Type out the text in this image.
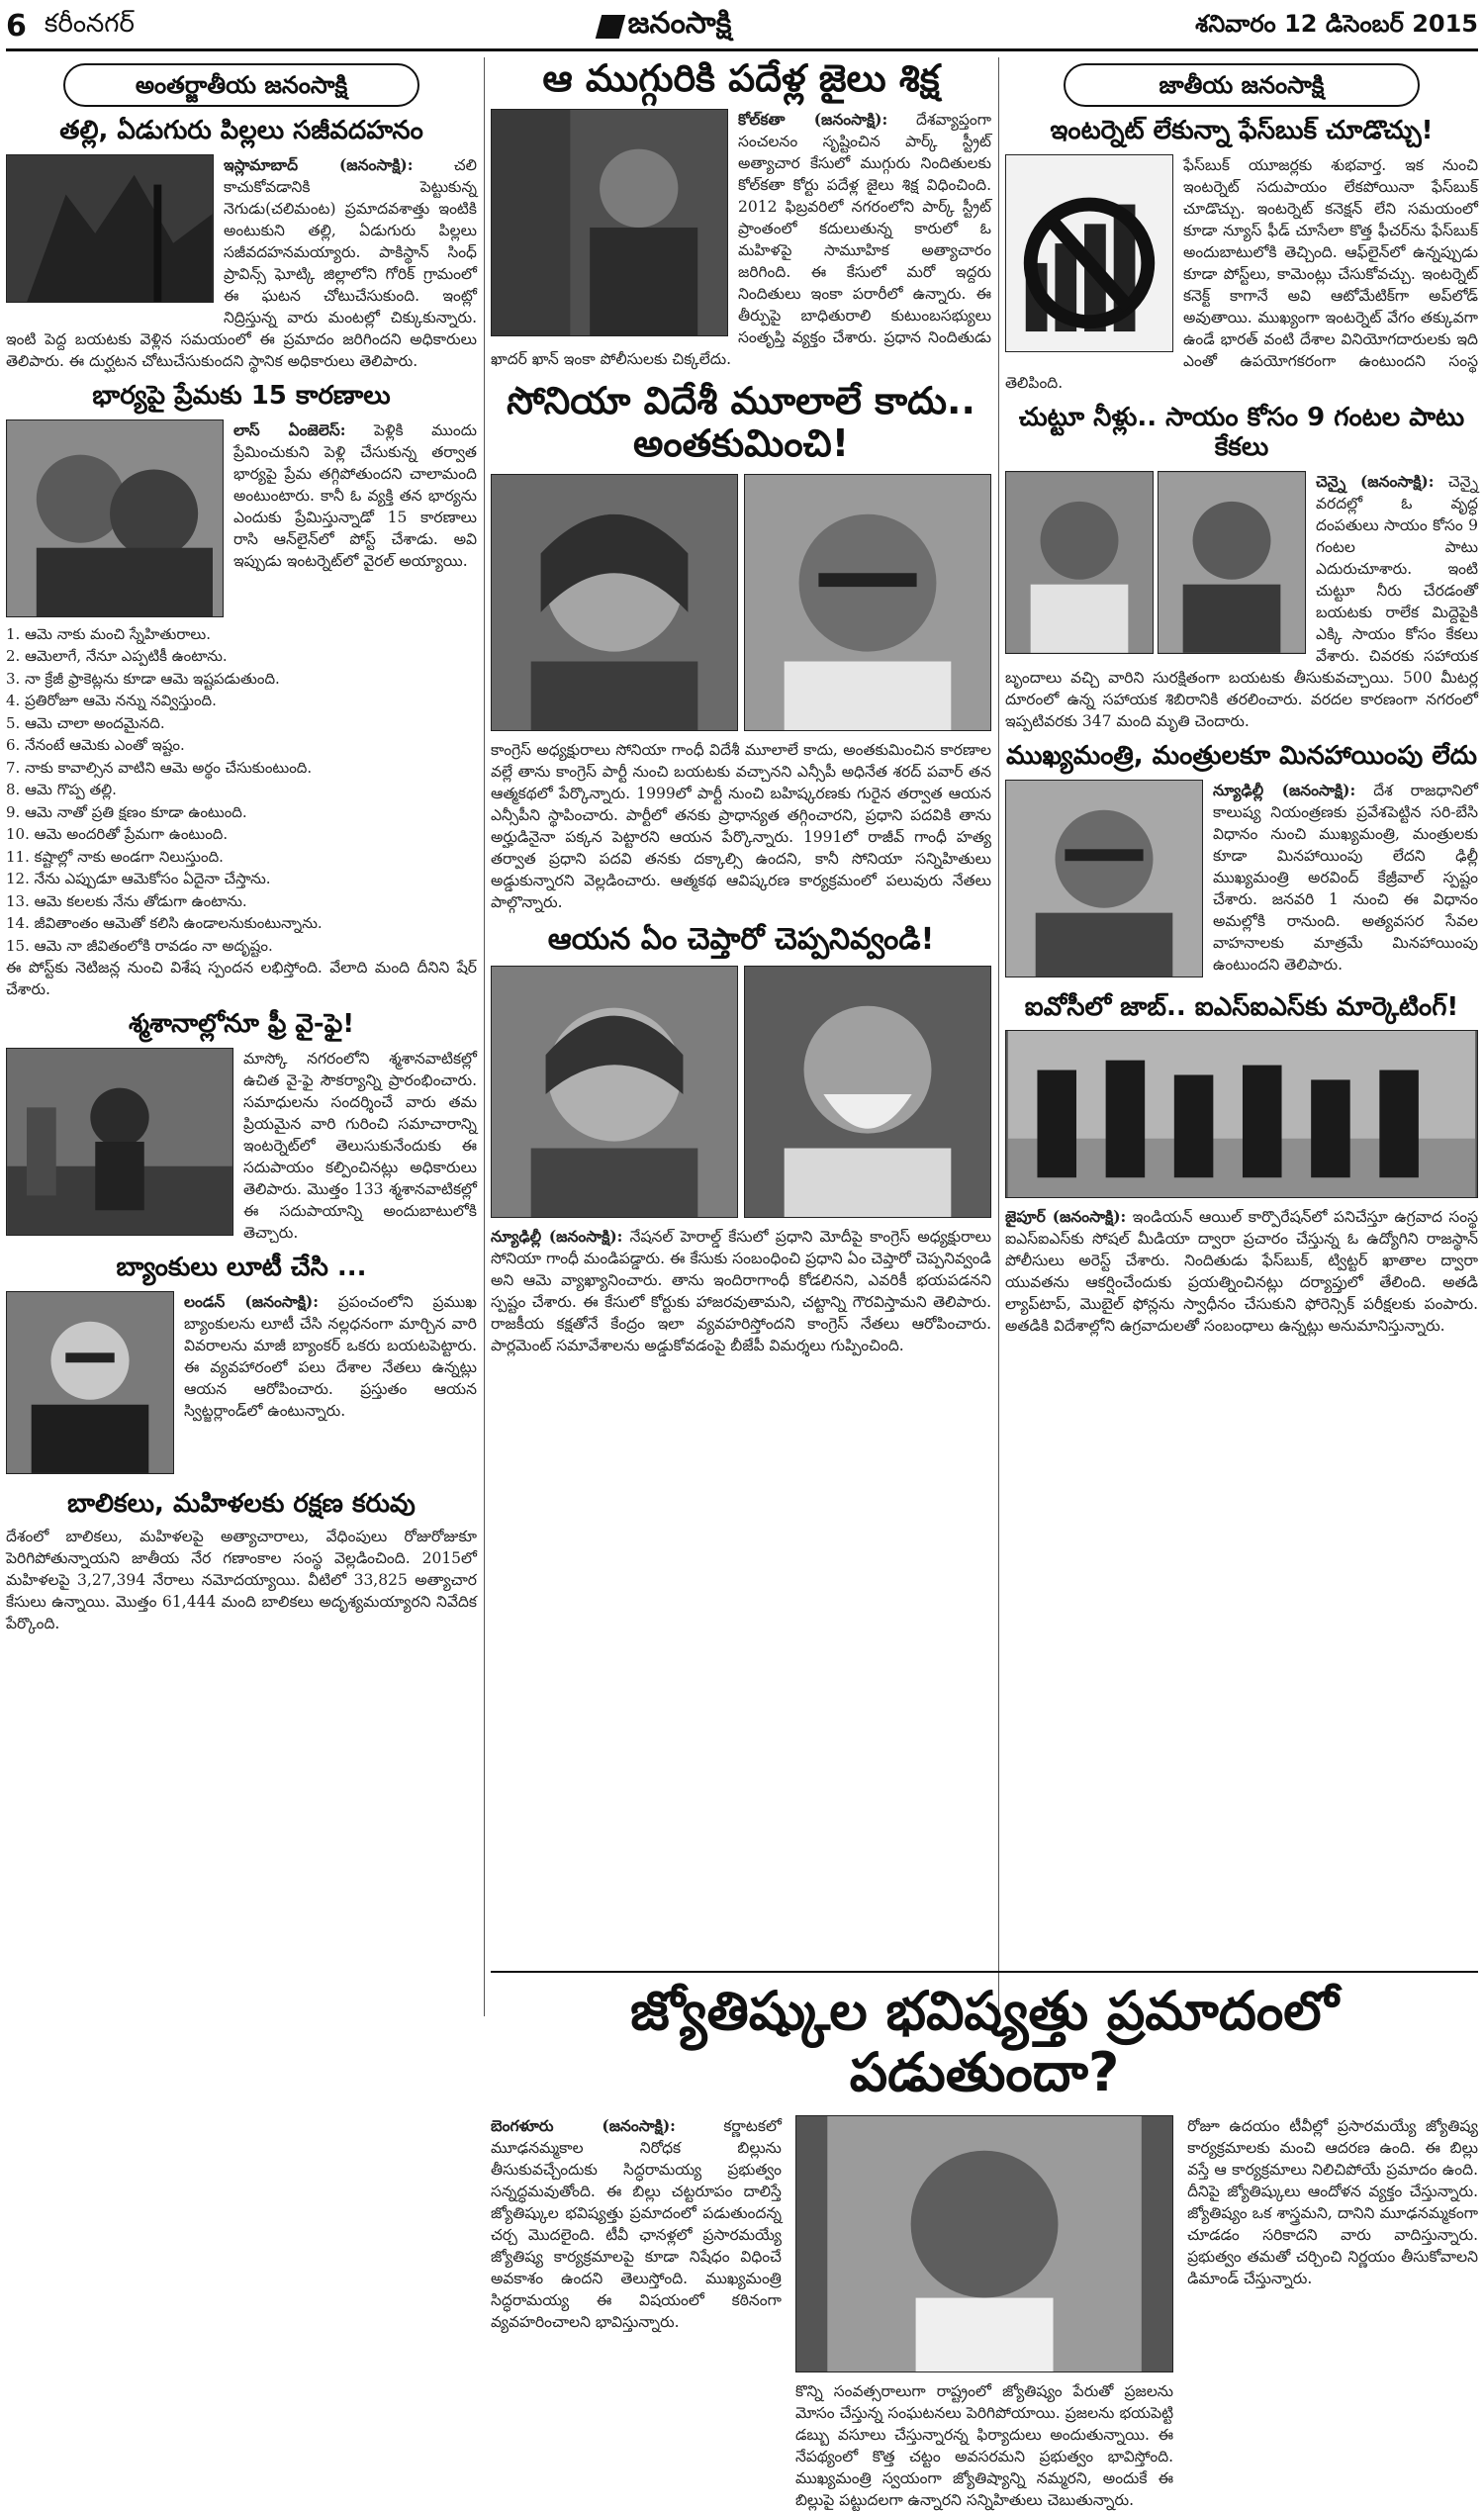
6 కరీంనగర్	జనంసాక్షి	శనివారం 12 డిసెంబర్ 2015
అంతర్జాతీయ జనంసాక్షి
తల్లి, ఏడుగురు పిల్లలు సజీవదహనం

ఇస్లామాబాద్ (జనంసాక్షి):	చలి కాచుకోవడానికి పెట్టుకున్న నెగుడు(చలిమంట) ప్రమాదవశాత్తు ఇంటికి అంటుకుని తల్లి, ఏడుగురు పిల్లలు సజీవదహనమయ్యారు. పాకిస్థాన్ సింధ్ ప్రావిన్స్ ఘోట్కి జిల్లాలోని గోరిక్ గ్రామంలో ఈ ఘటన చోటుచేసుకుంది. ఇంట్లో నిద్రిస్తున్న వారు మంటల్లో చిక్కుకున్నారు. ఇంటి పెద్ద బయటకు వెళ్లిన సమయంలో ఈ ప్రమాదం జరిగిందని అధికారులు తెలిపారు. ఈ దుర్ఘటన చోటుచేసుకుందని స్థానిక అధికారులు తెలిపారు.

భార్యపై ప్రేమకు 15 కారణాలు

లాస్ ఏంజెలెస్: పెళ్లికి ముందు ప్రేమించుకుని పెళ్లి చేసుకున్న తర్వాత భార్యపై ప్రేమ తగ్గిపోతుందని చాలామంది అంటుంటారు. కానీ ఓ వ్యక్తి తన భార్యను ఎందుకు ప్రేమిస్తున్నాడో 15 కారణాలు రాసి ఆన్‌లైన్‌లో పోస్ట్ చేశాడు. అవి ఇప్పుడు ఇంటర్నెట్‌లో వైరల్ అయ్యాయి.

1. ఆమె నాకు మంచి స్నేహితురాలు.
2. ఆమెలాగే, నేనూ ఎప్పటికీ ఉంటాను.
3. నా క్రేజీ ఫ్రాకెట్లను కూడా ఆమె ఇష్టపడుతుంది.
4. ప్రతిరోజూ ఆమె నన్ను నవ్విస్తుంది.
5. ఆమె చాలా అందమైనది.
6. నేనంటే ఆమెకు ఎంతో ఇష్టం.
7. నాకు కావాల్సిన వాటిని ఆమె అర్థం చేసుకుంటుంది.
8. ఆమె గొప్ప తల్లి.
9. ఆమె నాతో ప్రతి క్షణం కూడా ఉంటుంది.
10. ఆమె అందరితో ప్రేమగా ఉంటుంది.
11. కష్టాల్లో నాకు అండగా నిలుస్తుంది.
12. నేను ఎప్పుడూ ఆమెకోసం ఏదైనా చేస్తాను.
13. ఆమె కలలకు నేను తోడుగా ఉంటాను.
14. జీవితాంతం ఆమెతో కలిసి ఉండాలనుకుంటున్నాను.
15. ఆమె నా జీవితంలోకి రావడం నా అదృష్టం.

ఈ పోస్ట్‌కు నెటిజన్ల నుంచి విశేష స్పందన లభిస్తోంది. వేలాది మంది దీనిని షేర్ చేశారు.

శ్మశానాల్లోనూ ఫ్రీ వై-ఫై!

మాస్కో నగరంలోని శ్మశానవాటికల్లో ఉచిత వై-ఫై సౌకర్యాన్ని ప్రారంభించారు. సమాధులను సందర్శించే వారు తమ ప్రియమైన వారి గురించి సమాచారాన్ని ఇంటర్నెట్‌లో తెలుసుకునేందుకు ఈ సదుపాయం కల్పించినట్లు అధికారులు తెలిపారు. మొత్తం 133 శ్మశానవాటికల్లో ఈ సదుపాయాన్ని అందుబాటులోకి తెచ్చారు.

బ్యాంకులు లూటీ చేసి ...

లండన్ (జనంసాక్షి): ప్రపంచంలోని ప్రముఖ బ్యాంకులను లూటీ చేసి నల్లధనంగా మార్చిన వారి వివరాలను మాజీ బ్యాంకర్ ఒకరు బయటపెట్టారు. ఈ వ్యవహారంలో పలు దేశాల నేతలు ఉన్నట్లు ఆయన ఆరోపించారు. ప్రస్తుతం ఆయన స్విట్జర్లాండ్‌లో ఉంటున్నారు.

బాలికలు, మహిళలకు రక్షణ కరువు

దేశంలో బాలికలు, మహిళలపై అత్యాచారాలు, వేధింపులు రోజురోజుకూ పెరిగిపోతున్నాయని జాతీయ నేర గణాంకాల సంస్థ వెల్లడించింది. 2015లో మహిళలపై 3,27,394 నేరాలు నమోదయ్యాయి. వీటిలో 33,825 అత్యాచార కేసులు ఉన్నాయి. మొత్తం 61,444 మంది బాలికలు అదృశ్యమయ్యారని నివేదిక పేర్కొంది.

ఆ ముగ్గురికి పదేళ్ల జైలు శిక్ష

కోల్‌కతా (జనంసాక్షి): దేశవ్యాప్తంగా సంచలనం సృష్టించిన పార్క్ స్ట్రీట్ అత్యాచార కేసులో ముగ్గురు నిందితులకు కోల్‌కతా కోర్టు పదేళ్ల జైలు శిక్ష విధించింది. 2012 ఫిబ్రవరిలో నగరంలోని పార్క్ స్ట్రీట్ ప్రాంతంలో కదులుతున్న కారులో ఓ మహిళపై సామూహిక అత్యాచారం జరిగింది. ఈ కేసులో మరో ఇద్దరు నిందితులు ఇంకా పరారీలో ఉన్నారు. ఈ తీర్పుపై బాధితురాలి కుటుంబసభ్యులు సంతృప్తి వ్యక్తం చేశారు. ప్రధాన నిందితుడు ఖాదర్ ఖాన్ ఇంకా పోలీసులకు చిక్కలేదు.

సోనియా విదేశీ మూలాలే కాదు.. అంతకుమించి!

కాంగ్రెస్ అధ్యక్షురాలు సోనియా గాంధీ విదేశీ మూలాలే కాదు, అంతకుమించిన కారణాల వల్లే తాను కాంగ్రెస్ పార్టీ నుంచి బయటకు వచ్చానని ఎన్సీపీ అధినేత శరద్ పవార్ తన ఆత్మకథలో పేర్కొన్నారు. 1999లో పార్టీ నుంచి బహిష్కరణకు గురైన తర్వాత ఆయన ఎన్సీపీని స్థాపించారు. పార్టీలో తనకు ప్రాధాన్యత తగ్గించారని, ప్రధాని పదవికి తాను అర్హుడినైనా పక్కన పెట్టారని ఆయన పేర్కొన్నారు. 1991లో రాజీవ్ గాంధీ హత్య తర్వాత ప్రధాని పదవి తనకు దక్కాల్సి ఉందని, కానీ సోనియా సన్నిహితులు అడ్డుకున్నారని వెల్లడించారు. ఆత్మకథ ఆవిష్కరణ కార్యక్రమంలో పలువురు నేతలు పాల్గొన్నారు.

ఆయన ఏం చెప్తారో చెప్పనివ్వండి!

న్యూఢిల్లీ (జనంసాక్షి): నేషనల్ హెరాల్డ్ కేసులో ప్రధాని మోదీపై కాంగ్రెస్ అధ్యక్షురాలు సోనియా గాంధీ మండిపడ్డారు. ఈ కేసుకు సంబంధించి ప్రధాని ఏం చెప్తారో చెప్పనివ్వండి అని ఆమె వ్యాఖ్యానించారు. తాను ఇందిరాగాంధీ కోడలినని, ఎవరికీ భయపడనని స్పష్టం చేశారు. ఈ కేసులో కోర్టుకు హాజరవుతామని, చట్టాన్ని గౌరవిస్తామని తెలిపారు. రాజకీయ కక్షతోనే కేంద్రం ఇలా వ్యవహరిస్తోందని కాంగ్రెస్ నేతలు ఆరోపించారు. పార్లమెంట్ సమావేశాలను అడ్డుకోవడంపై బీజేపీ విమర్శలు గుప్పించింది.

జాతీయ జనంసాక్షి
ఇంటర్నెట్ లేకున్నా ఫేస్‌బుక్ చూడొచ్చు!

ఫేస్‌బుక్ యూజర్లకు శుభవార్త. ఇక నుంచి ఇంటర్నెట్ సదుపాయం లేకపోయినా ఫేస్‌బుక్ చూడొచ్చు. ఇంటర్నెట్ కనెక్షన్ లేని సమయంలో కూడా న్యూస్ ఫీడ్ చూసేలా కొత్త ఫీచర్‌ను ఫేస్‌బుక్ అందుబాటులోకి తెచ్చింది. ఆఫ్‌లైన్‌లో ఉన్నప్పుడు కూడా పోస్ట్‌లు, కామెంట్లు చేసుకోవచ్చు. ఇంటర్నెట్ కనెక్ట్ కాగానే అవి ఆటోమేటిక్‌గా అప్‌లోడ్ అవుతాయి. ముఖ్యంగా ఇంటర్నెట్ వేగం తక్కువగా ఉండే భారత్ వంటి దేశాల వినియోగదారులకు ఇది ఎంతో ఉపయోగకరంగా ఉంటుందని సంస్థ తెలిపింది.

చుట్టూ నీళ్లు.. సాయం కోసం 9 గంటల పాటు కేకలు

చెన్నై (జనంసాక్షి): చెన్నై వరదల్లో ఓ వృద్ధ దంపతులు సాయం కోసం 9 గంటల పాటు ఎదురుచూశారు. ఇంటి చుట్టూ నీరు చేరడంతో బయటకు రాలేక మిద్దెపైకి ఎక్కి సాయం కోసం కేకలు వేశారు. చివరకు సహాయక బృందాలు వచ్చి వారిని సురక్షితంగా బయటకు తీసుకువచ్చాయి. 500 మీటర్ల దూరంలో ఉన్న సహాయక శిబిరానికి తరలించారు. వరదల కారణంగా నగరంలో ఇప్పటివరకు 347 మంది మృతి చెందారు.

ముఖ్యమంత్రి, మంత్రులకూ మినహాయింపు లేదు

న్యూఢిల్లీ (జనంసాక్షి): దేశ రాజధానిలో కాలుష్య నియంత్రణకు ప్రవేశపెట్టిన సరి-బేసి విధానం నుంచి ముఖ్యమంత్రి, మంత్రులకు కూడా మినహాయింపు లేదని ఢిల్లీ ముఖ్యమంత్రి అరవింద్ కేజ్రీవాల్ స్పష్టం చేశారు. జనవరి 1 నుంచి ఈ విధానం అమల్లోకి రానుంది. అత్యవసర సేవల వాహనాలకు మాత్రమే మినహాయింపు ఉంటుందని తెలిపారు.

ఐవోసీలో జాబ్.. ఐఎస్‌ఐఎస్‌కు మార్కెటింగ్!

జైపూర్ (జనంసాక్షి): ఇండియన్ ఆయిల్ కార్పొరేషన్‌లో పనిచేస్తూ ఉగ్రవాద సంస్థ ఐఎస్‌ఐఎస్‌కు సోషల్ మీడియా ద్వారా ప్రచారం చేస్తున్న ఓ ఉద్యోగిని రాజస్థాన్ పోలీసులు అరెస్ట్ చేశారు. నిందితుడు ఫేస్‌బుక్, ట్విట్టర్ ఖాతాల ద్వారా యువతను ఆకర్షించేందుకు ప్రయత్నించినట్లు దర్యాప్తులో తేలింది. అతడి ల్యాప్‌టాప్, మొబైల్ ఫోన్లను స్వాధీనం చేసుకుని ఫోరెన్సిక్ పరీక్షలకు పంపారు. అతడికి విదేశాల్లోని ఉగ్రవాదులతో సంబంధాలు ఉన్నట్లు అనుమానిస్తున్నారు.

జ్యోతిష్కుల భవిష్యత్తు ప్రమాదంలో పడుతుందా?

బెంగళూరు (జనంసాక్షి):	కర్ణాటకలో మూఢనమ్మకాల నిరోధక బిల్లును తీసుకువచ్చేందుకు సిద్ధరామయ్య ప్రభుత్వం సన్నద్ధమవుతోంది. ఈ బిల్లు చట్టరూపం దాలిస్తే జ్యోతిష్కుల భవిష్యత్తు ప్రమాదంలో పడుతుందన్న చర్చ మొదలైంది. టీవీ ఛానళ్లలో ప్రసారమయ్యే జ్యోతిష్య కార్యక్రమాలపై కూడా నిషేధం విధించే అవకాశం ఉందని తెలుస్తోంది. ముఖ్యమంత్రి సిద్ధరామయ్య ఈ విషయంలో కఠినంగా వ్యవహరించాలని భావిస్తున్నారు.

కొన్ని సంవత్సరాలుగా రాష్ట్రంలో జ్యోతిష్యం పేరుతో ప్రజలను మోసం చేస్తున్న సంఘటనలు పెరిగిపోయాయి. ప్రజలను భయపెట్టి డబ్బు వసూలు చేస్తున్నారన్న ఫిర్యాదులు అందుతున్నాయి. ఈ నేపథ్యంలో కొత్త చట్టం అవసరమని ప్రభుత్వం భావిస్తోంది. ముఖ్యమంత్రి స్వయంగా జ్యోతిష్యాన్ని నమ్మరని, అందుకే ఈ బిల్లుపై పట్టుదలగా ఉన్నారని సన్నిహితులు చెబుతున్నారు.

రోజూ ఉదయం టీవీల్లో ప్రసారమయ్యే జ్యోతిష్య కార్యక్రమాలకు మంచి ఆదరణ ఉంది. ఈ బిల్లు వస్తే ఆ కార్యక్రమాలు నిలిచిపోయే ప్రమాదం ఉంది. దీనిపై జ్యోతిష్కులు ఆందోళన వ్యక్తం చేస్తున్నారు. జ్యోతిష్యం ఒక శాస్త్రమని, దానిని మూఢనమ్మకంగా చూడడం సరికాదని వారు వాదిస్తున్నారు. ప్రభుత్వం తమతో చర్చించి నిర్ణయం తీసుకోవాలని డిమాండ్ చేస్తున్నారు.
